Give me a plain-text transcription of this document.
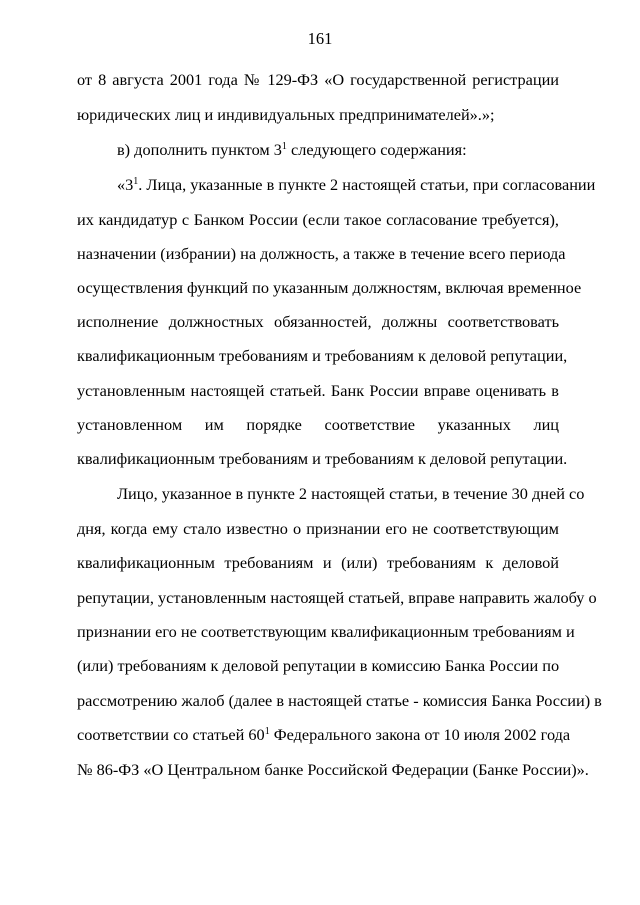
161
от 8 августа 2001 года № 129-ФЗ «О государственной регистрации
юридических лиц и индивидуальных предпринимателей».»;
в) дополнить пунктом $3^1$ следующего содержания:
«$3^1$. Лица, указанные в пункте 2 настоящей статьи, при согласовании
их кандидатур с Банком России (если такое согласование требуется),
назначении (избрании) на должность, а также в течение всего периода
осуществления функций по указанным должностям, включая временное
исполнение должностных обязанностей, должны соответствовать
квалификационным требованиям и требованиям к деловой репутации,
установленным настоящей статьей. Банк России вправе оценивать в
установленном им порядке соответствие указанных лиц
квалификационным требованиям и требованиям к деловой репутации.
Лицо, указанное в пункте 2 настоящей статьи, в течение 30 дней со
дня, когда ему стало известно о признании его не соответствующим
квалификационным требованиям и (или) требованиям к деловой
репутации, установленным настоящей статьей, вправе направить жалобу о
признании его не соответствующим квалификационным требованиям и
(или) требованиям к деловой репутации в комиссию Банка России по
рассмотрению жалоб (далее в настоящей статье - комиссия Банка России) в
соответствии со статьей $60^1$ Федерального закона от 10 июля 2002 года
№ 86-ФЗ «О Центральном банке Российской Федерации (Банке России)».
